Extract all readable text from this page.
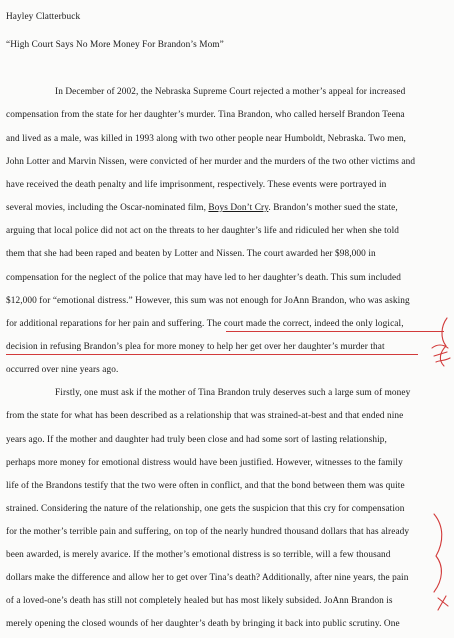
Hayley Clatterbuck
“High Court Says No More Money For Brandon’s Mom”
In December of 2002, the Nebraska Supreme Court rejected a mother’s appeal for increased
compensation from the state for her daughter’s murder. Tina Brandon, who called herself Brandon Teena
and lived as a male, was killed in 1993 along with two other people near Humboldt, Nebraska. Two men,
John Lotter and Marvin Nissen, were convicted of her murder and the murders of the two other victims and
have received the death penalty and life imprisonment, respectively. These events were portrayed in
several movies, including the Oscar-nominated film, Boys Don’t Cry. Brandon’s mother sued the state,
arguing that local police did not act on the threats to her daughter’s life and ridiculed her when she told
them that she had been raped and beaten by Lotter and Nissen. The court awarded her $98,000 in
compensation for the neglect of the police that may have led to her daughter’s death. This sum included
$12,000 for “emotional distress.” However, this sum was not enough for JoAnn Brandon, who was asking
for additional reparations for her pain and suffering. The court made the correct, indeed the only logical,
decision in refusing Brandon’s plea for more money to help her get over her daughter’s murder that
occurred over nine years ago.
Firstly, one must ask if the mother of Tina Brandon truly deserves such a large sum of money
from the state for what has been described as a relationship that was strained-at-best and that ended nine
years ago. If the mother and daughter had truly been close and had some sort of lasting relationship,
perhaps more money for emotional distress would have been justified. However, witnesses to the family
life of the Brandons testify that the two were often in conflict, and that the bond between them was quite
strained. Considering the nature of the relationship, one gets the suspicion that this cry for compensation
for the mother’s terrible pain and suffering, on top of the nearly hundred thousand dollars that has already
been awarded, is merely avarice. If the mother’s emotional distress is so terrible, will a few thousand
dollars make the difference and allow her to get over Tina’s death? Additionally, after nine years, the pain
of a loved-one’s death has still not completely healed but has most likely subsided. JoAnn Brandon is
merely opening the closed wounds of her daughter’s death by bringing it back into public scrutiny. One
